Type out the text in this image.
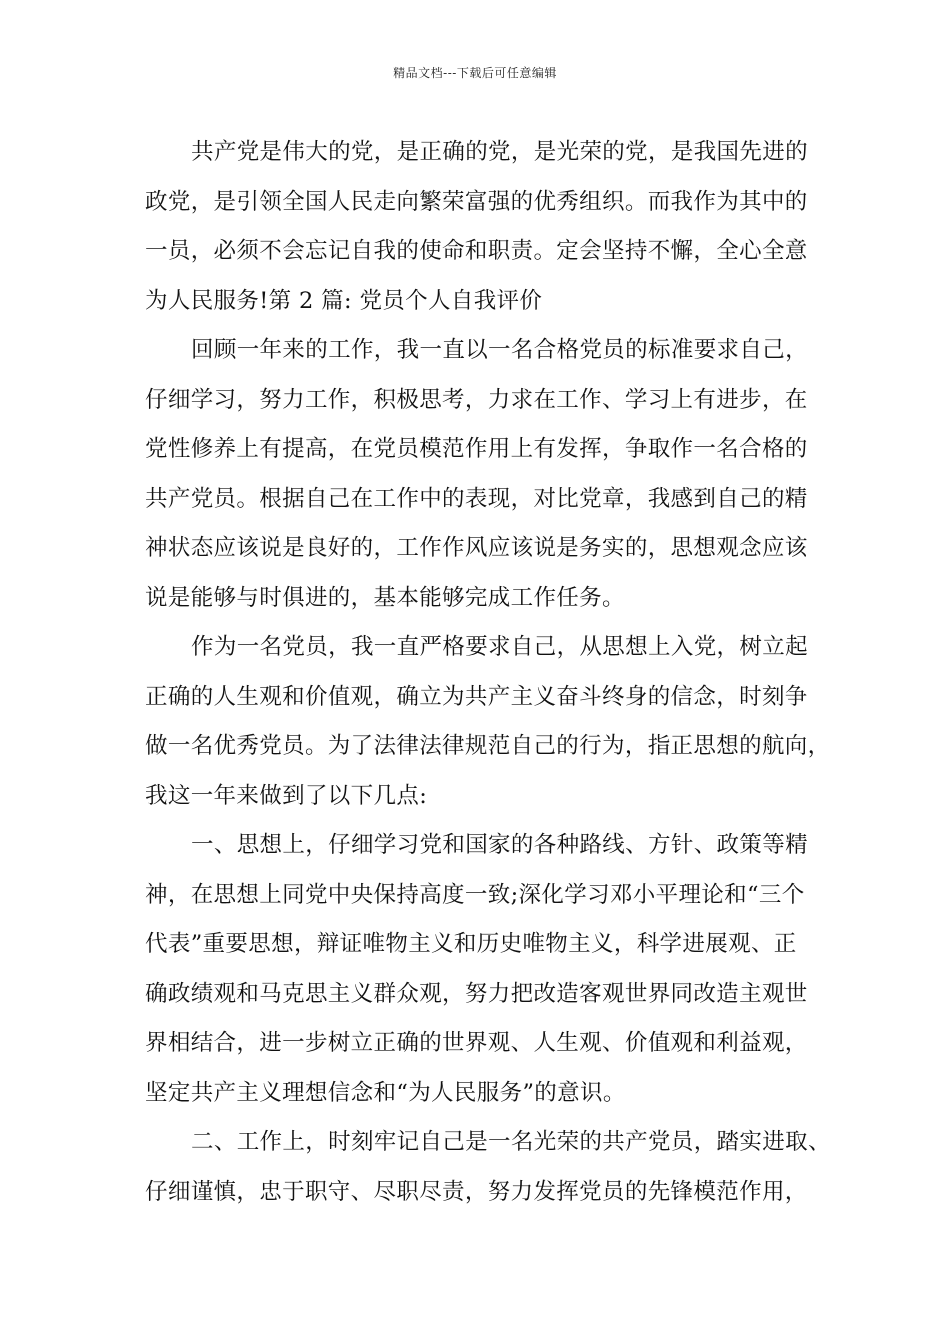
精品文档---下载后可任意编辑
共产党是伟大的党，是正确的党，是光荣的党，是我国先进的
政党，是引领全国人民走向繁荣富强的优秀组织。而我作为其中的
一员，必须不会忘记自我的使命和职责。定会坚持不懈，全心全意
为人民服务!第 2 篇: 党员个人自我评价
回顾一年来的工作，我一直以一名合格党员的标准要求自己，
仔细学习，努力工作，积极思考，力求在工作、学习上有进步，在
党性修养上有提高，在党员模范作用上有发挥，争取作一名合格的
共产党员。根据自己在工作中的表现，对比党章，我感到自己的精
神状态应该说是良好的，工作作风应该说是务实的，思想观念应该
说是能够与时俱进的，基本能够完成工作任务。
作为一名党员，我一直严格要求自己，从思想上入党，树立起
正确的人生观和价值观，确立为共产主义奋斗终身的信念，时刻争
做一名优秀党员。为了法律法律规范自己的行为，指正思想的航向，
我这一年来做到了以下几点:
一、思想上，仔细学习党和国家的各种路线、方针、政策等精
神，在思想上同党中央保持高度一致;深化学习邓小平理论和“三个
代表”重要思想，辩证唯物主义和历史唯物主义，科学进展观、正
确政绩观和马克思主义群众观，努力把改造客观世界同改造主观世
界相结合，进一步树立正确的世界观、人生观、价值观和利益观，
坚定共产主义理想信念和“为人民服务”的意识。
二、工作上，时刻牢记自己是一名光荣的共产党员，踏实进取、
仔细谨慎，忠于职守、尽职尽责，努力发挥党员的先锋模范作用，
